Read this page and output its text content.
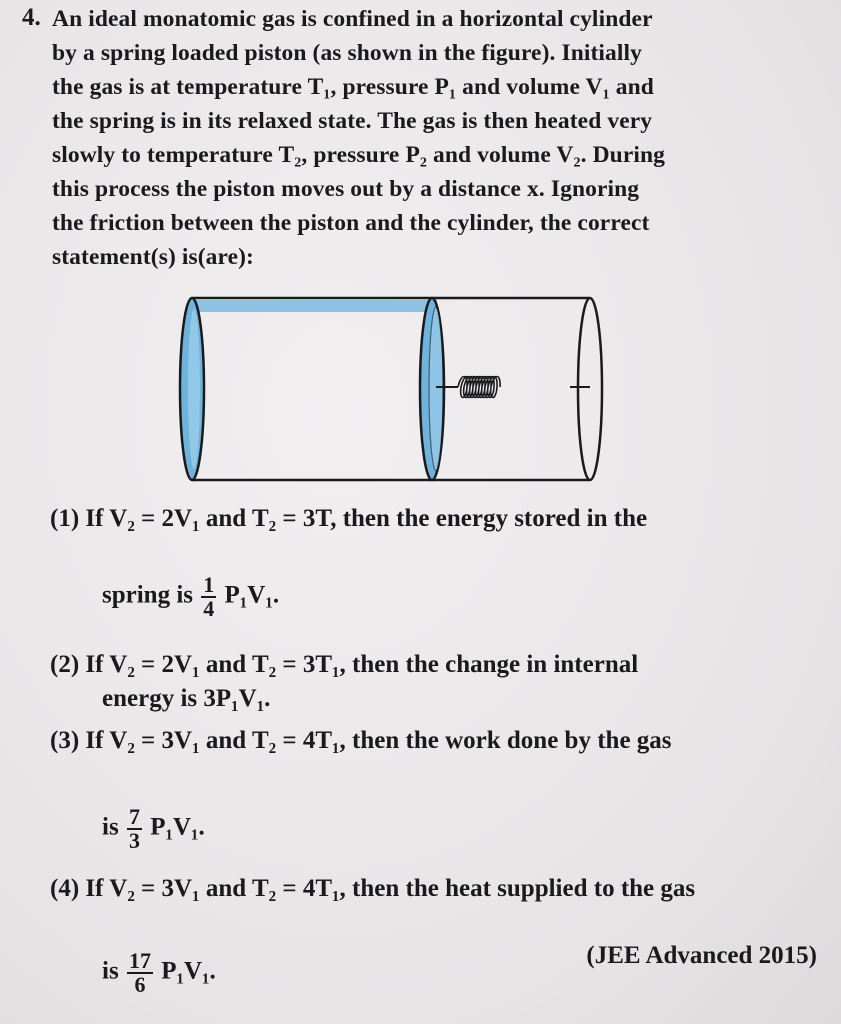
4. An ideal monatomic gas is confined in a horizontal cylinder
by a spring loaded piston (as shown in the figure). Initially
the gas is at temperature T₁, pressure P₁ and volume V₁ and
the spring is in its relaxed state. The gas is then heated very
slowly to temperature T₂, pressure P₂ and volume V₂. During
this process the piston moves out by a distance x. Ignoring
the friction between the piston and the cylinder, the correct
statement(s) is(are):
(1) If V₂ = 2V₁ and T₂ = 3T, then the energy stored in the
spring is $\frac{1}{4} P_1V_1$.
(2) If V₂ = 2V₁ and T₂ = 3T₁, then the change in internal
energy is 3P₁V₁.
(3) If V₂ = 3V₁ and T₂ = 4T₁, then the work done by the gas
is $\frac{7}{3} P_1V_1$.
(4) If V₂ = 3V₁ and T₂ = 4T₁, then the heat supplied to the gas
is $\frac{17}{6} P_1V_1$.
(JEE Advanced 2015)
